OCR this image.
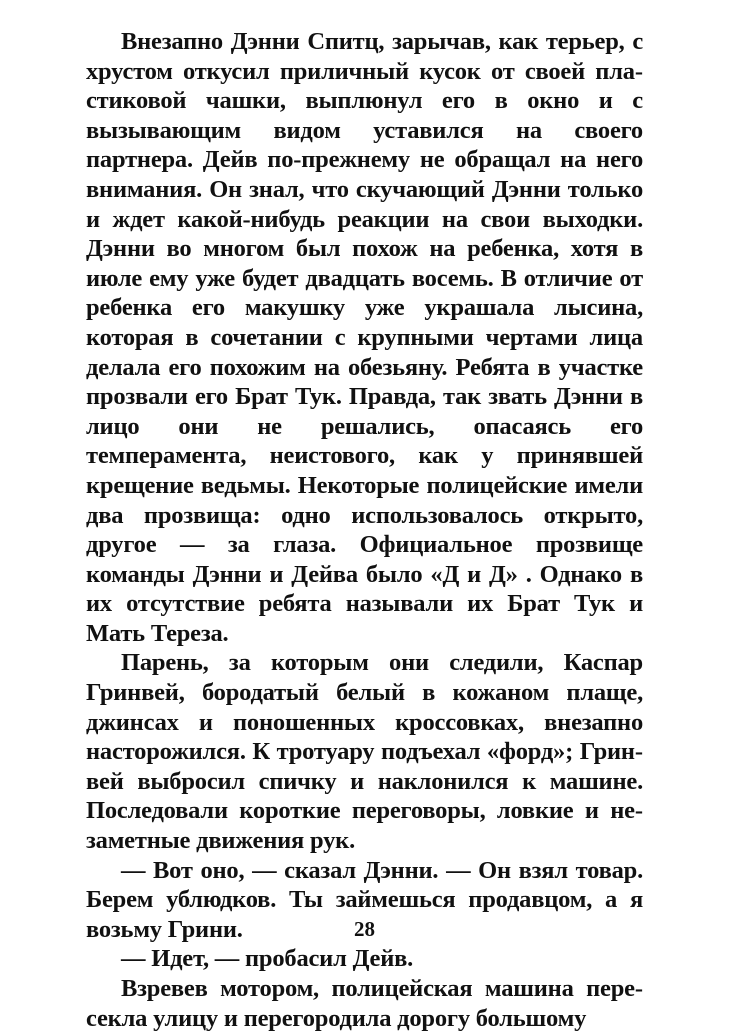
Внезапно Дэнни Спитц, зарычав, как терьер, с хрустом откусил приличный кусок от своей пластиковой чашки, выплюнул его в окно и с вызывающим видом уставился на своего партнера. Дейв по-прежнему не обращал на него внимания. Он знал, что скучающий Дэнни только и ждет какой-нибудь реакции на свои выходки. Дэнни во многом был похож на ребенка, хотя в июле ему уже будет двадцать восемь. В отличие от ребенка его макушку уже украшала лысина, которая в сочетании с крупными чертами лица делала его похожим на обезьяну. Ребята в участке прозвали его Брат Тук. Правда, так звать Дэнни в лицо они не решались, опасаясь его темперамента, неистового, как у принявшей крещение ведьмы. Некоторые полицейские имели два прозвища: одно использовалось открыто, другое — за глаза. Официальное прозвище команды Дэнни и Дейва было «Д и Д» . Однако в их отсутствие ребята называли их Брат Тук и Мать Тереза.

Парень, за которым они следили, Каспар Гринвей, бородатый белый в кожаном плаще, джинсах и поношенных кроссовках, внезапно насторожился. К тротуару подъехал «форд»; Гринвей выбросил спичку и наклонился к машине. Последовали короткие переговоры, ловкие и незаметные движения рук.

— Вот оно, — сказал Дэнни. — Он взял товар. Берем ублюдков. Ты займешься продавцом, а я возьму Грини.

— Идет, — пробасил Дейв.

Взревев мотором, полицейская машина пересекла улицу и перегородила дорогу большому

28
